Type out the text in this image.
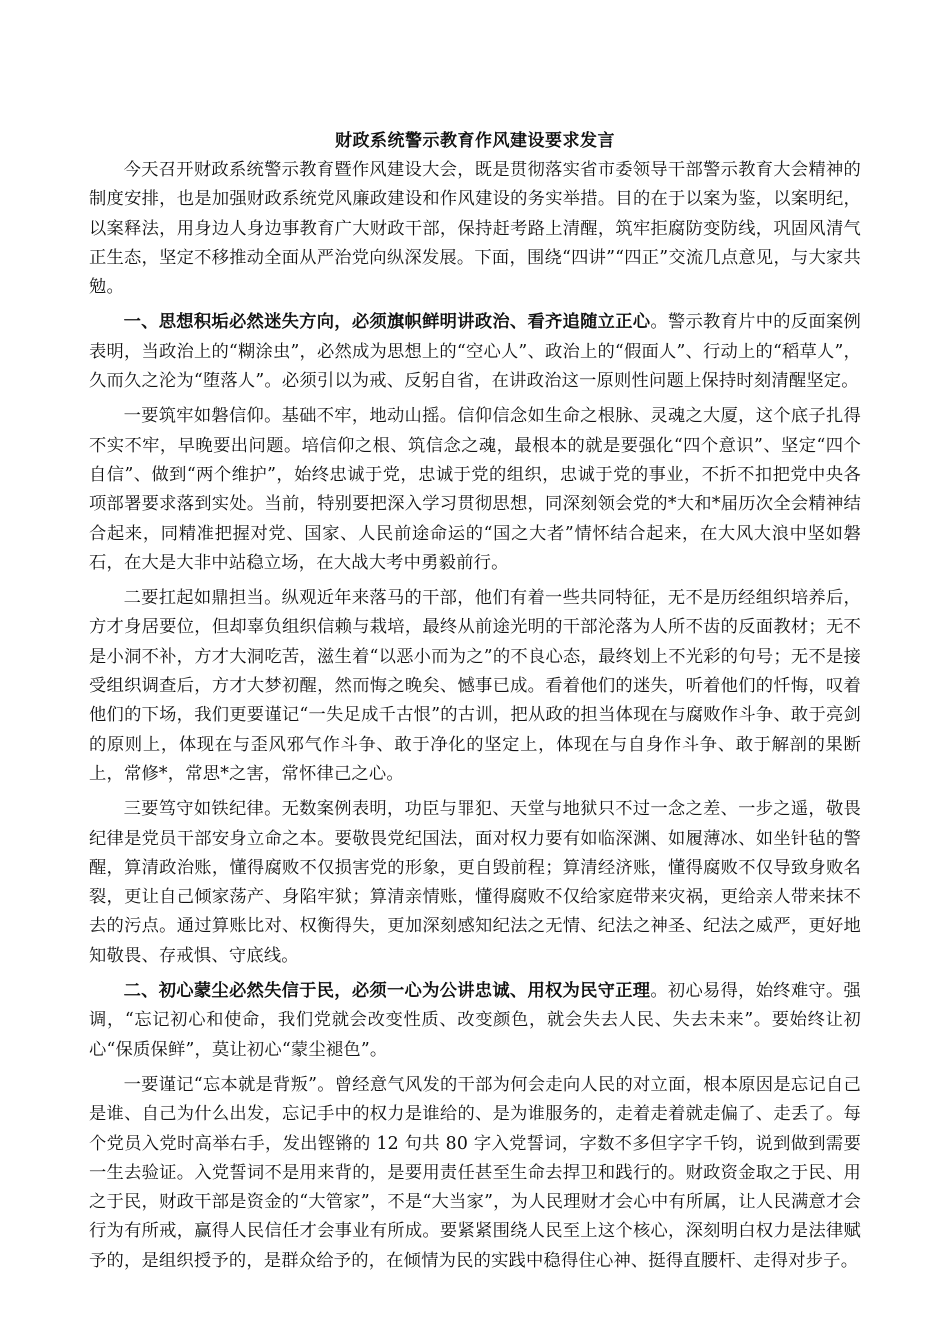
财政系统警示教育作风建设要求发言

今天召开财政系统警示教育暨作风建设大会，既是贯彻落实省市委领导干部警示教育大会精神的制度安排，也是加强财政系统党风廉政建设和作风建设的务实举措。目的在于以案为鉴，以案明纪，以案释法，用身边人身边事教育广大财政干部，保持赶考路上清醒，筑牢拒腐防变防线，巩固风清气正生态，坚定不移推动全面从严治党向纵深发展。下面，围绕“四讲”“四正”交流几点意见，与大家共勉。

一、思想积垢必然迷失方向，必须旗帜鲜明讲政治、看齐追随立正心。警示教育片中的反面案例表明，当政治上的“糊涂虫”，必然成为思想上的“空心人”、政治上的“假面人”、行动上的“稻草人”，久而久之沦为“堕落人”。必须引以为戒、反躬自省，在讲政治这一原则性问题上保持时刻清醒坚定。

一要筑牢如磐信仰。基础不牢，地动山摇。信仰信念如生命之根脉、灵魂之大厦，这个底子扎得不实不牢，早晚要出问题。培信仰之根、筑信念之魂，最根本的就是要强化“四个意识”、坚定“四个自信”、做到“两个维护”，始终忠诚于党，忠诚于党的组织，忠诚于党的事业，不折不扣把党中央各项部署要求落到实处。当前，特别要把深入学习贯彻思想，同深刻领会党的*大和*届历次全会精神结合起来，同精准把握对党、国家、人民前途命运的“国之大者”情怀结合起来，在大风大浪中坚如磐石，在大是大非中站稳立场，在大战大考中勇毅前行。

二要扛起如鼎担当。纵观近年来落马的干部，他们有着一些共同特征，无不是历经组织培养后，方才身居要位，但却辜负组织信赖与栽培，最终从前途光明的干部沦落为人所不齿的反面教材；无不是小洞不补，方才大洞吃苦，滋生着“以恶小而为之”的不良心态，最终划上不光彩的句号；无不是接受组织调查后，方才大梦初醒，然而悔之晚矣、憾事已成。看着他们的迷失，听着他们的忏悔，叹着他们的下场，我们更要谨记“一失足成千古恨”的古训，把从政的担当体现在与腐败作斗争、敢于亮剑的原则上，体现在与歪风邪气作斗争、敢于净化的坚定上，体现在与自身作斗争、敢于解剖的果断上，常修*，常思*之害，常怀律己之心。

三要笃守如铁纪律。无数案例表明，功臣与罪犯、天堂与地狱只不过一念之差、一步之遥，敬畏纪律是党员干部安身立命之本。要敬畏党纪国法，面对权力要有如临深渊、如履薄冰、如坐针毡的警醒，算清政治账，懂得腐败不仅损害党的形象，更自毁前程；算清经济账，懂得腐败不仅导致身败名裂，更让自己倾家荡产、身陷牢狱；算清亲情账，懂得腐败不仅给家庭带来灾祸，更给亲人带来抹不去的污点。通过算账比对、权衡得失，更加深刻感知纪法之无情、纪法之神圣、纪法之威严，更好地知敬畏、存戒惧、守底线。

二、初心蒙尘必然失信于民，必须一心为公讲忠诚、用权为民守正理。初心易得，始终难守。强调，“忘记初心和使命，我们党就会改变性质、改变颜色，就会失去人民、失去未来”。要始终让初心“保质保鲜”，莫让初心“蒙尘褪色”。

一要谨记“忘本就是背叛”。曾经意气风发的干部为何会走向人民的对立面，根本原因是忘记自己是谁、自己为什么出发，忘记手中的权力是谁给的、是为谁服务的，走着走着就走偏了、走丢了。每个党员入党时高举右手，发出铿锵的 12 句共 80 字入党誓词，字数不多但字字千钧，说到做到需要一生去验证。入党誓词不是用来背的，是要用责任甚至生命去捍卫和践行的。财政资金取之于民、用之于民，财政干部是资金的“大管家”，不是“大当家”，为人民理财才会心中有所属，让人民满意才会行为有所戒，赢得人民信任才会事业有所成。要紧紧围绕人民至上这个核心，深刻明白权力是法律赋予的，是组织授予的，是群众给予的，在倾情为民的实践中稳得住心神、挺得直腰杆、走得对步子。
